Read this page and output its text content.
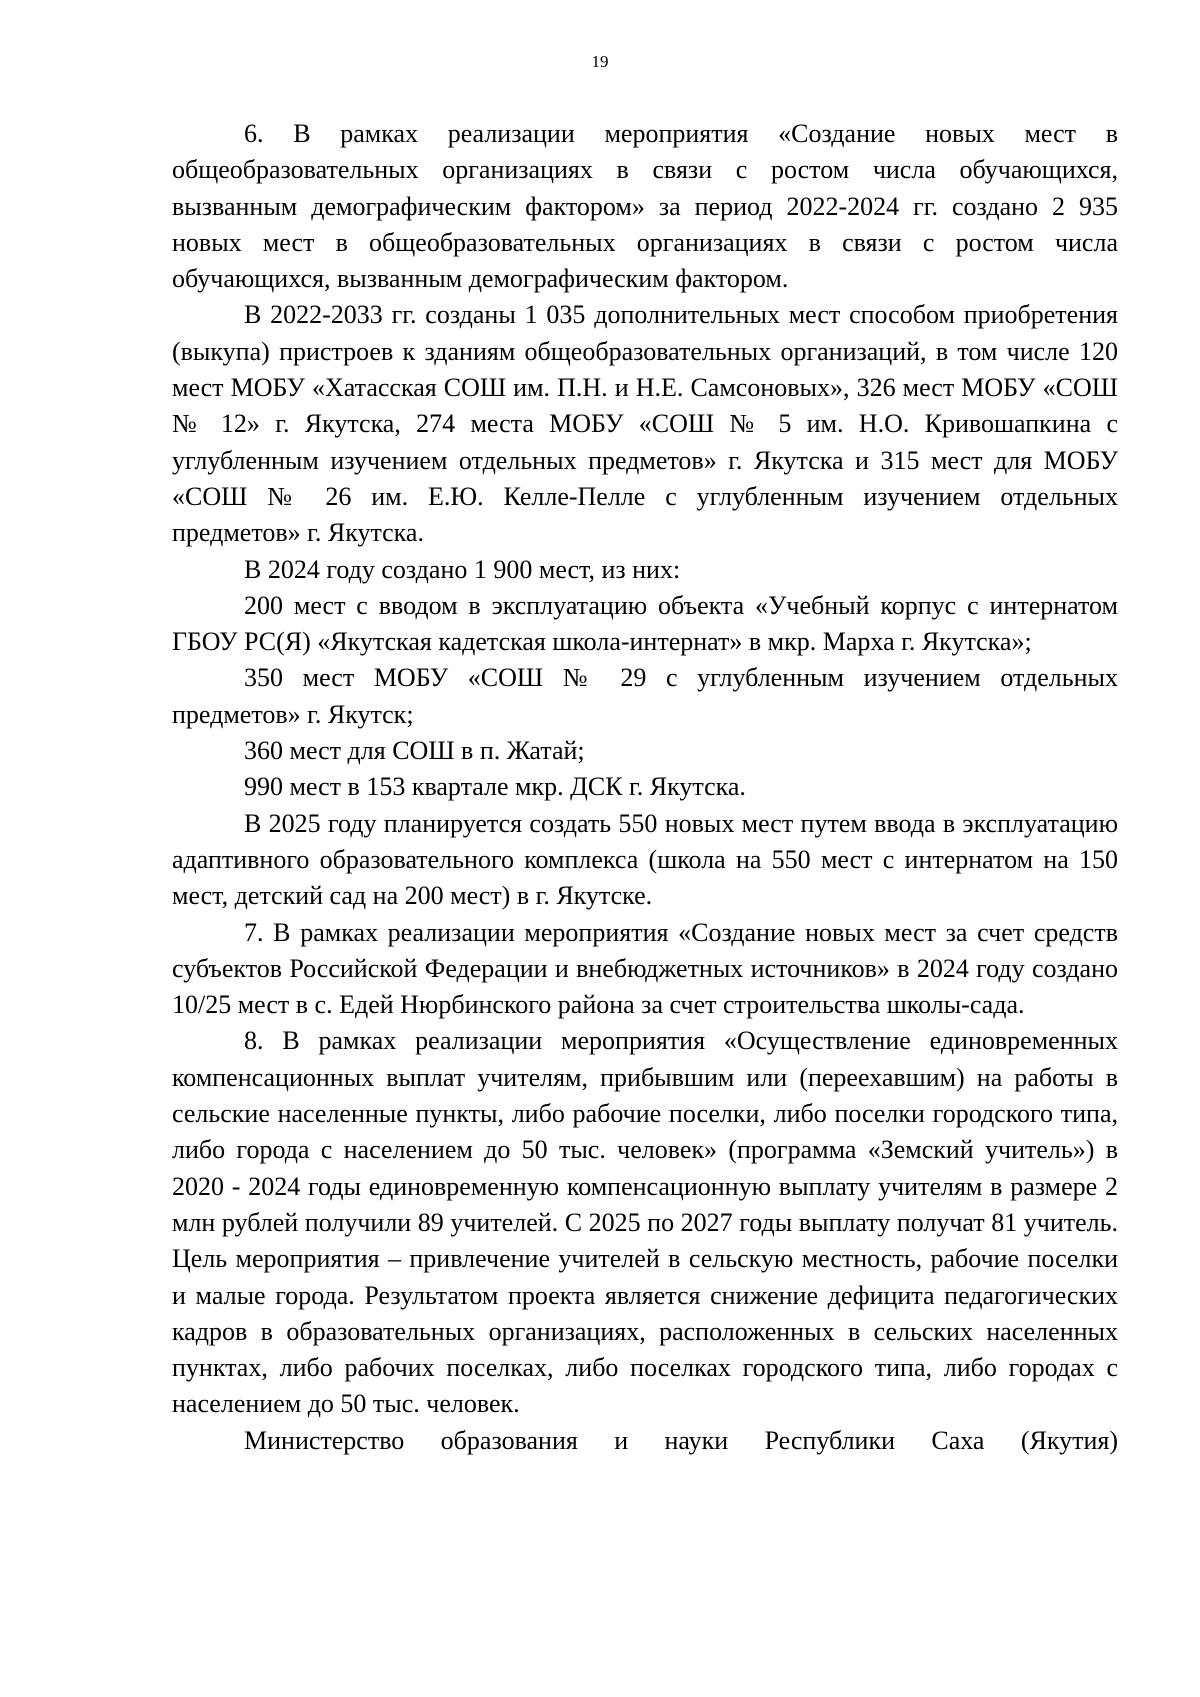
19

6. В рамках реализации мероприятия «Создание новых мест в общеобразовательных организациях в связи с ростом числа обучающихся, вызванным демографическим фактором» за период 2022-2024 гг. создано 2 935 новых мест в общеобразовательных организациях в связи с ростом числа обучающихся, вызванным демографическим фактором.

В 2022-2033 гг. созданы 1 035 дополнительных мест способом приобретения (выкупа) пристроев к зданиям общеобразовательных организаций, в том числе 120 мест МОБУ «Хатасская СОШ им. П.Н. и Н.Е. Самсоновых», 326 мест МОБУ «СОШ № 12» г. Якутска, 274 места МОБУ «СОШ № 5 им. Н.О. Кривошапкина с углубленным изучением отдельных предметов» г. Якутска и 315 мест для МОБУ «СОШ № 26 им. Е.Ю. Келле-Пелле с углубленным изучением отдельных предметов» г. Якутска.

В 2024 году создано 1 900 мест, из них:

200 мест с вводом в эксплуатацию объекта «Учебный корпус с интернатом ГБОУ РС(Я) «Якутская кадетская школа-интернат» в мкр. Марха г. Якутска»;

350 мест МОБУ «СОШ № 29 с углубленным изучением отдельных предметов» г. Якутск;

360 мест для СОШ в п. Жатай;

990 мест в 153 квартале мкр. ДСК г. Якутска.

В 2025 году планируется создать 550 новых мест путем ввода в эксплуатацию адаптивного образовательного комплекса (школа на 550 мест с интернатом на 150 мест, детский сад на 200 мест) в г. Якутске.

7. В рамках реализации мероприятия «Создание новых мест за счет средств субъектов Российской Федерации и внебюджетных источников» в 2024 году создано 10/25 мест в с. Едей Нюрбинского района за счет строительства школы-сада.

8. В рамках реализации мероприятия «Осуществление единовременных компенсационных выплат учителям, прибывшим или (переехавшим) на работы в сельские населенные пункты, либо рабочие поселки, либо поселки городского типа, либо города с населением до 50 тыс. человек» (программа «Земский учитель») в 2020 - 2024 годы единовременную компенсационную выплату учителям в размере 2 млн рублей получили 89 учителей. С 2025 по 2027 годы выплату получат 81 учитель. Цель мероприятия – привлечение учителей в сельскую местность, рабочие поселки и малые города. Результатом проекта является снижение дефицита педагогических кадров в образовательных организациях, расположенных в сельских населенных пунктах, либо рабочих поселках, либо поселках городского типа, либо городах с населением до 50 тыс. человек.

Министерство образования и науки Республики Саха (Якутия)
